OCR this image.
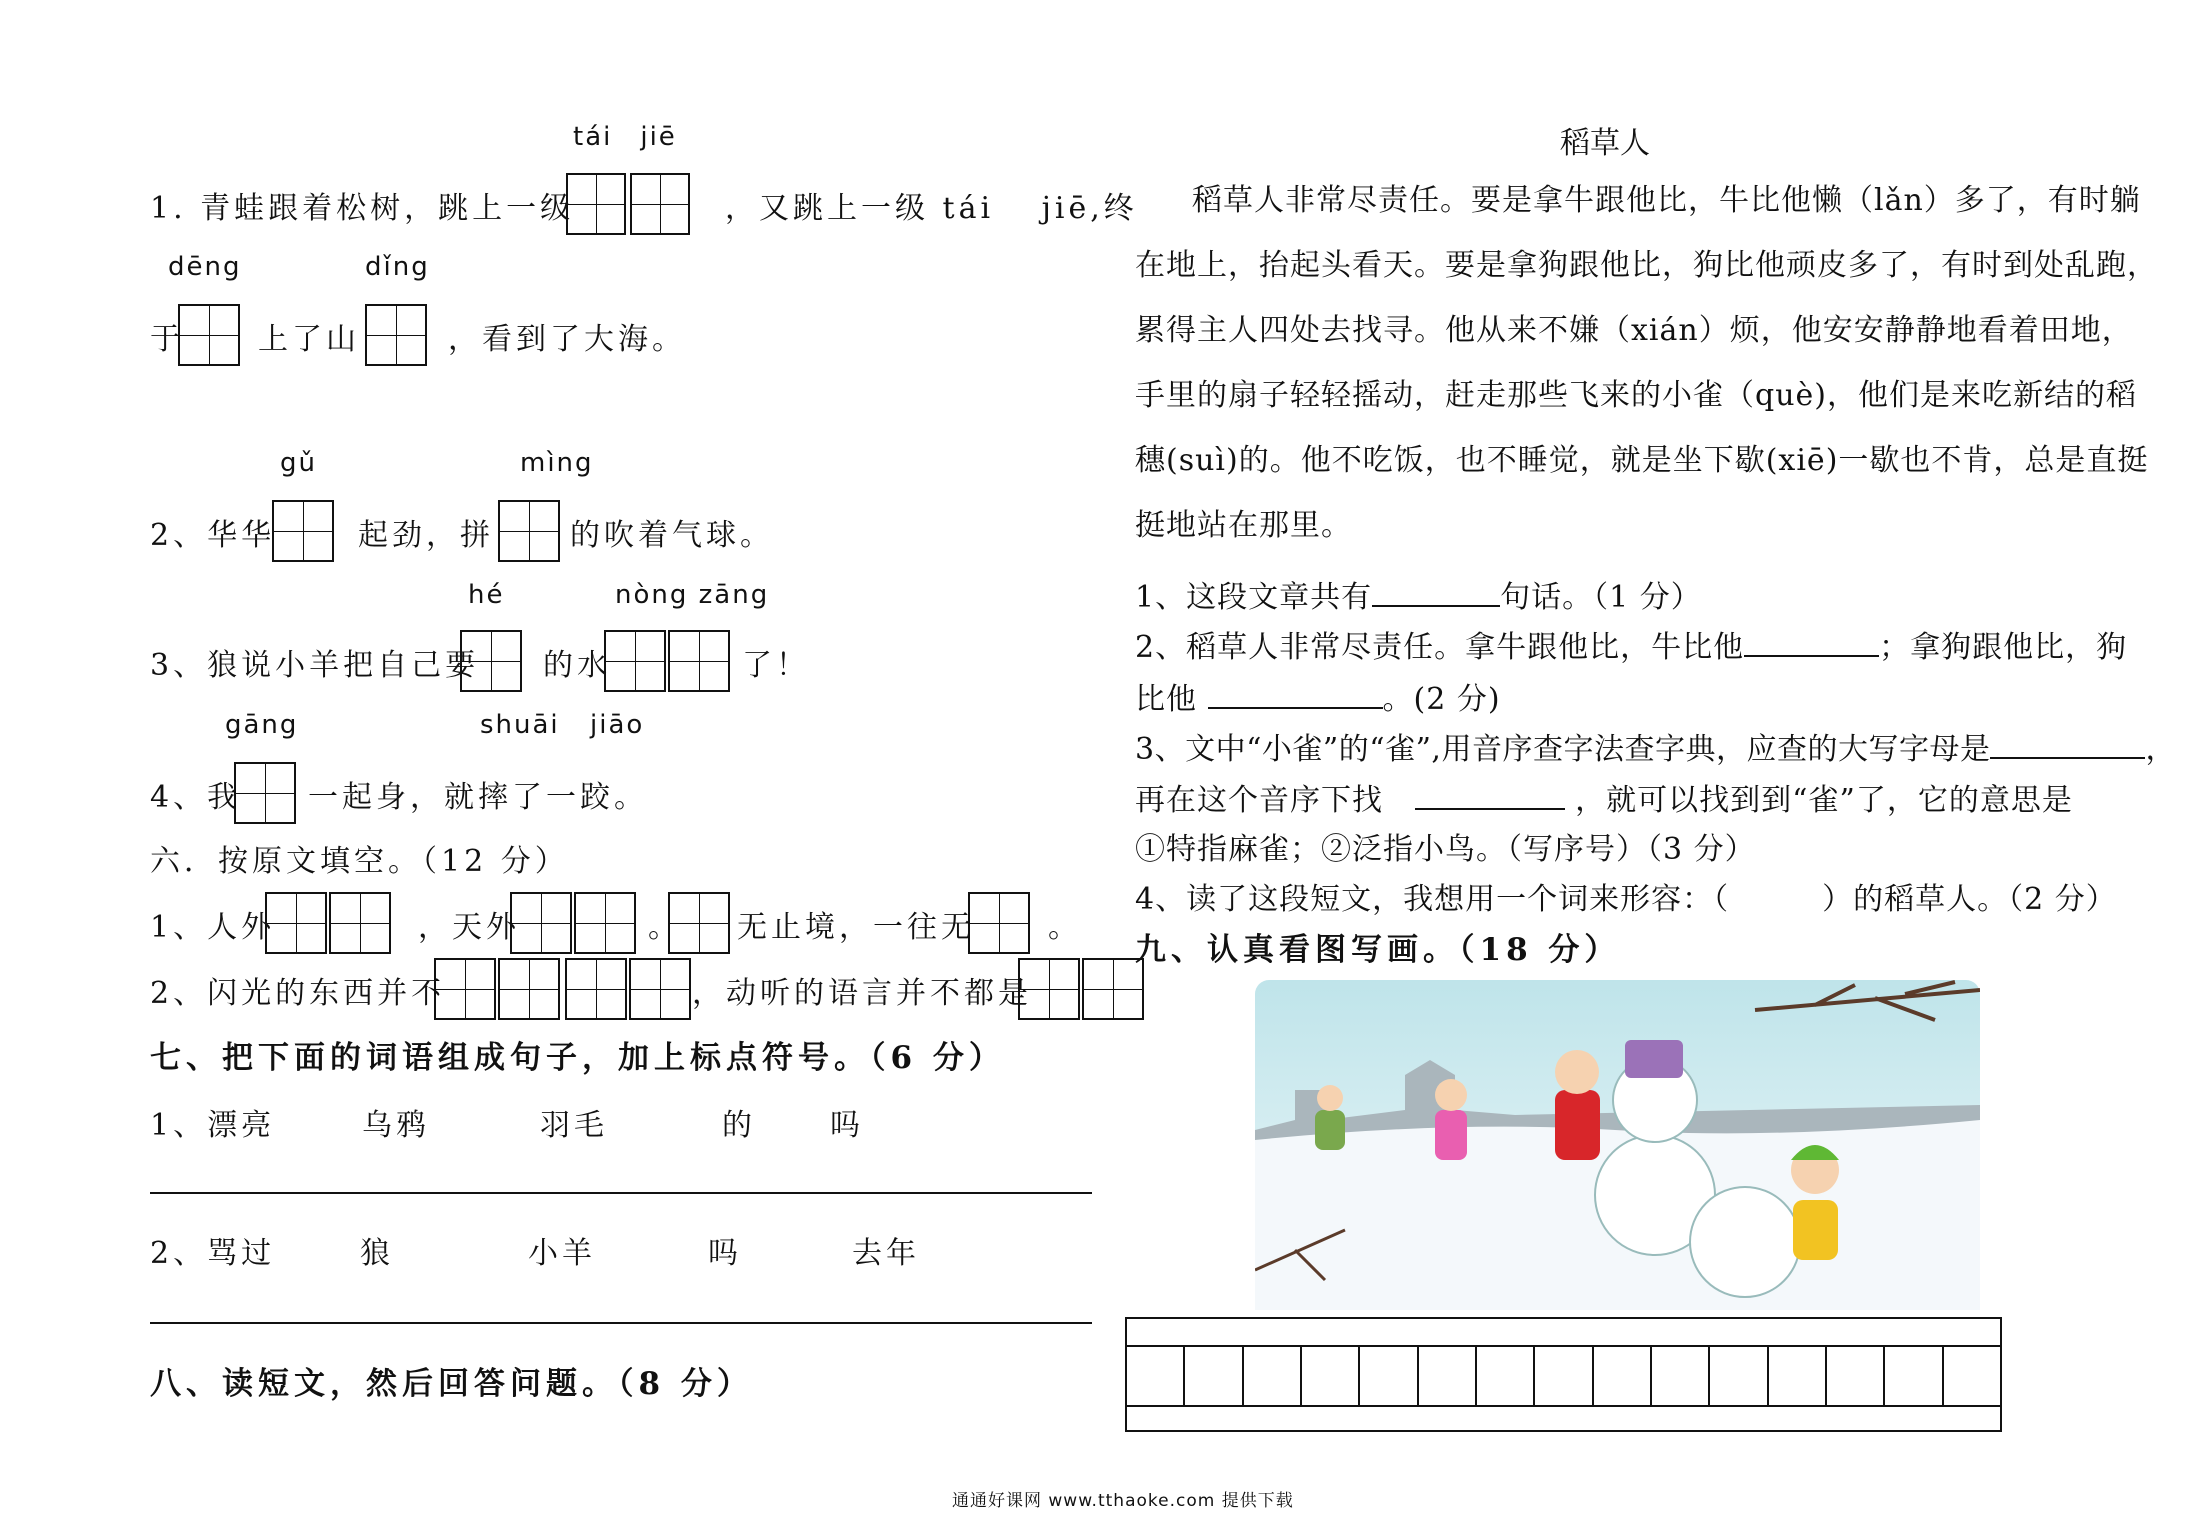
tái jiē
1. 青蛙跟着松树，跳上一级	，又跳上一级 tái　 jiē,终
dēng	dǐng
于 上了山	，看到了大海。
gǔ	mìng
2、华华	起劲，拼	的吹着气球。
hé	nòng zāng
3、狼说小羊把自己要 的水	了！
gāng	shuāi jiāo
4、我 一起身，就摔了一跤。
六．按原文填空。（12 分）
1、人外	，天外	。 无止境，一往无 。
2、闪光的东西并不	，动听的语言并不都是
七、把下面的词语组成句子，加上标点符号。（6 分）
1、漂亮	乌鸦	羽毛	的 吗
2、骂过	狼	小羊	吗	去年
八、读短文，然后回答问题。（8 分）
稻草人
稻草人非常尽责任。要是拿牛跟他比，牛比他懒（lǎn）多了，有时躺
在地上，抬起头看天。要是拿狗跟他比，狗比他顽皮多了，有时到处乱跑，
累得主人四处去找寻。他从来不嫌（xián）烦，他安安静静地看着田地，
手里的扇子轻轻摇动，赶走那些飞来的小雀（què)，他们是来吃新结的稻
穗(suì)的。他不吃饭，也不睡觉，就是坐下歇(xiē)一歇也不肯，总是直挺
挺地站在那里。
1、这段文章共有	句话。（1 分）
2、稻草人非常尽责任。拿牛跟他比，牛比他	；拿狗跟他比，狗
比他	。(2 分)
3、文中“小雀”的“雀”,用音序查字法查字典，应查的大写字母是	，
再在这个音序下找	，就可以找到到“雀”了，它的意思是
①特指麻雀；②泛指小鸟。（写序号）（3 分）
4、读了这段短文，我想用一个词来形容：（　　　）的稻草人。（2 分）
九、认真看图写画。（18 分）
通通好课网 www.tthaoke.com 提供下载
